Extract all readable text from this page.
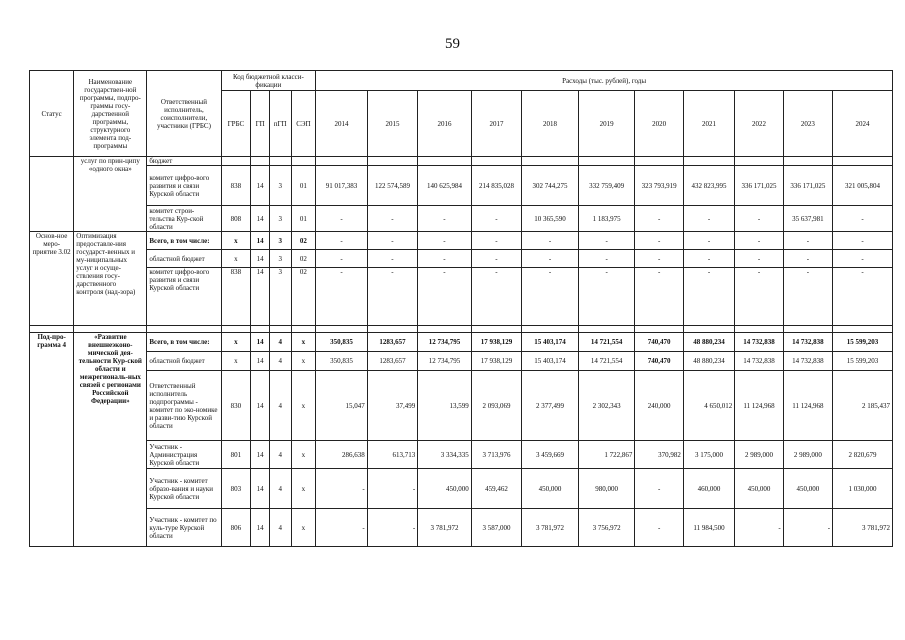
59
Статус	Наименование государствен-ной программы, подпро-граммы госу-дарственной программы, структурного элемента под-программы	Ответственный исполнитель, соисполнители, участники (ГРБС)	Код бюджетной класси-фикации				Расходы (тыс. рублей), годы										
			ГРБС	ГП	пГП	СЭП	2014	2015	2016	2017	2018	2019	2020	2021	2022	2023	2024
	услуг по прин-ципу «одного окна»	бюджет															
		комитет цифро-вого развития и связи Курской области	838	14	3	01	91 017,383	122 574,589	140 625,984	214 835,028	302 744,275	332 759,409	323 793,919	432 823,995	336 171,025	336 171,025	321 005,804
		комитет строи-тельства Кур-ской области	808	14	3	01	-	-	-	-	10 365,590	1 183,975	-	-	-	35 637,981	-
Основ-ное меро-приятие 3.02	Оптимизация предоставле-ния государст-венных и му-ниципальных услуг и осуще-ствления госу-дарственного контроля (над-зора)	Всего, в том числе:	x	14	3	02	-	-	-	-	-	-	-	-	-	-	-
		областной бюджет	x	14	3	02	-	-	-	-	-	-	-	-	-	-	-
		комитет цифро-вого развития и связи Курской области	838	14	3	02	-	-	-	-	-	-	-	-	-	-	-

Под-про-грамма 4	«Развитие внешнеэконо-мической дея-тельности Кур-ской области и межрегиональ-ных связей с регионами Российской Федерации»	Всего, в том числе:	x	14	4	x	350,835	1283,657	12 734,795	17 938,129	15 403,174	14 721,554	740,470	48 880,234	14 732,838	14 732,838	15 599,203
		областной бюджет	x	14	4	x	350,835	1283,657	12 734,795	17 938,129	15 403,174	14 721,554	740,470	48 880,234	14 732,838	14 732,838	15 599,203
		Ответственный исполнитель подпрограммы - комитет по эко-номике и разви-тию Курской области	830	14	4	x	15,047	37,499	13,599	2 093,069	2 377,499	2 302,343	240,000	4 650,012	11 124,968	11 124,968	2 185,437
		Участник - Администрация Курской области	801	14	4	x	286,638	613,713	3 334,335	3 713,976	3 459,669	1 722,867	370,982	3 175,000	2 989,000	2 989,000	2 820,679
		Участник - комитет образо-вания и науки Курской области	803	14	4	x	-	-	450,000	459,462	450,000	980,000	-	460,000	450,000	450,000	1 030,000
		Участник - комитет по куль-туре Курской области	806	14	4	x	-	-	3 781,972	3 587,000	3 781,972	3 756,972	-	11 984,500	-	-	3 781,972
